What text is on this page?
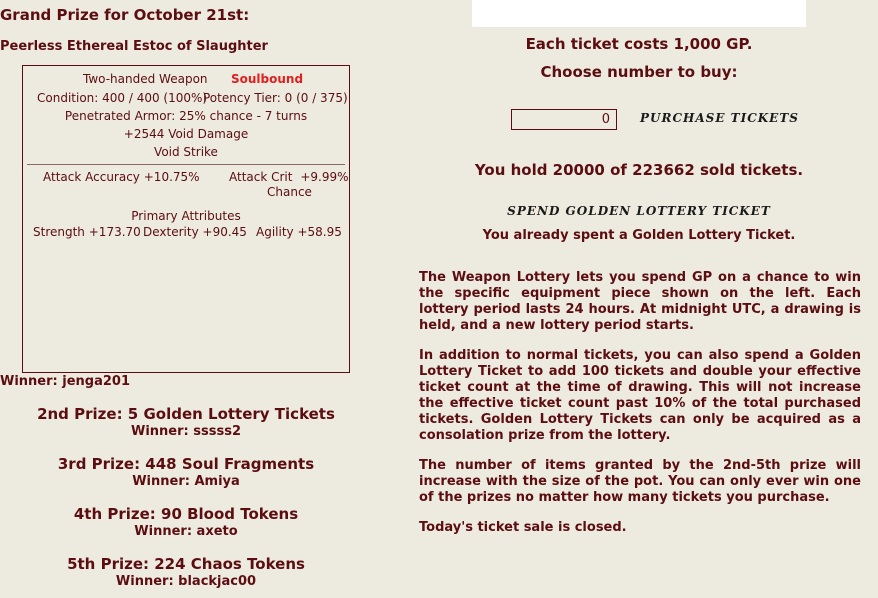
Grand Prize for October 21st:
Peerless Ethereal Estoc of Slaughter
Two-handed Weapon Soulbound
Condition: 400 / 400 (100%)
Potency Tier: 0 (0 / 375)
Penetrated Armor: 25% chance - 7 turns
+2544 Void Damage
Void Strike
Attack Accuracy +10.75% Attack Crit +9.99%
Chance
Primary Attributes
Strength +173.70 Dexterity +90.45 Agility +58.95
Winner: jenga201
2nd Prize: 5 Golden Lottery Tickets
Winner: sssss2
3rd Prize: 448 Soul Fragments
Winner: Amiya
4th Prize: 90 Blood Tokens
Winner: axeto
5th Prize: 224 Chaos Tokens
Winner: blackjac00
Each ticket costs 1,000 GP.
Choose number to buy:
0	PURCHASE TICKETS
You hold 20000 of 223662 sold tickets.
SPEND GOLDEN LOTTERY TICKET
You already spent a Golden Lottery Ticket.
The Weapon Lottery lets you spend GP on a chance to win the specific equipment piece shown on the left. Each lottery period lasts 24 hours. At midnight UTC, a drawing is held, and a new lottery period starts.
In addition to normal tickets, you can also spend a Golden Lottery Ticket to add 100 tickets and double your effective ticket count at the time of drawing. This will not increase the effective ticket count past 10% of the total purchased tickets. Golden Lottery Tickets can only be acquired as a consolation prize from the lottery.
The number of items granted by the 2nd-5th prize will increase with the size of the pot. You can only ever win one of the prizes no matter how many tickets you purchase.
Today's ticket sale is closed.
